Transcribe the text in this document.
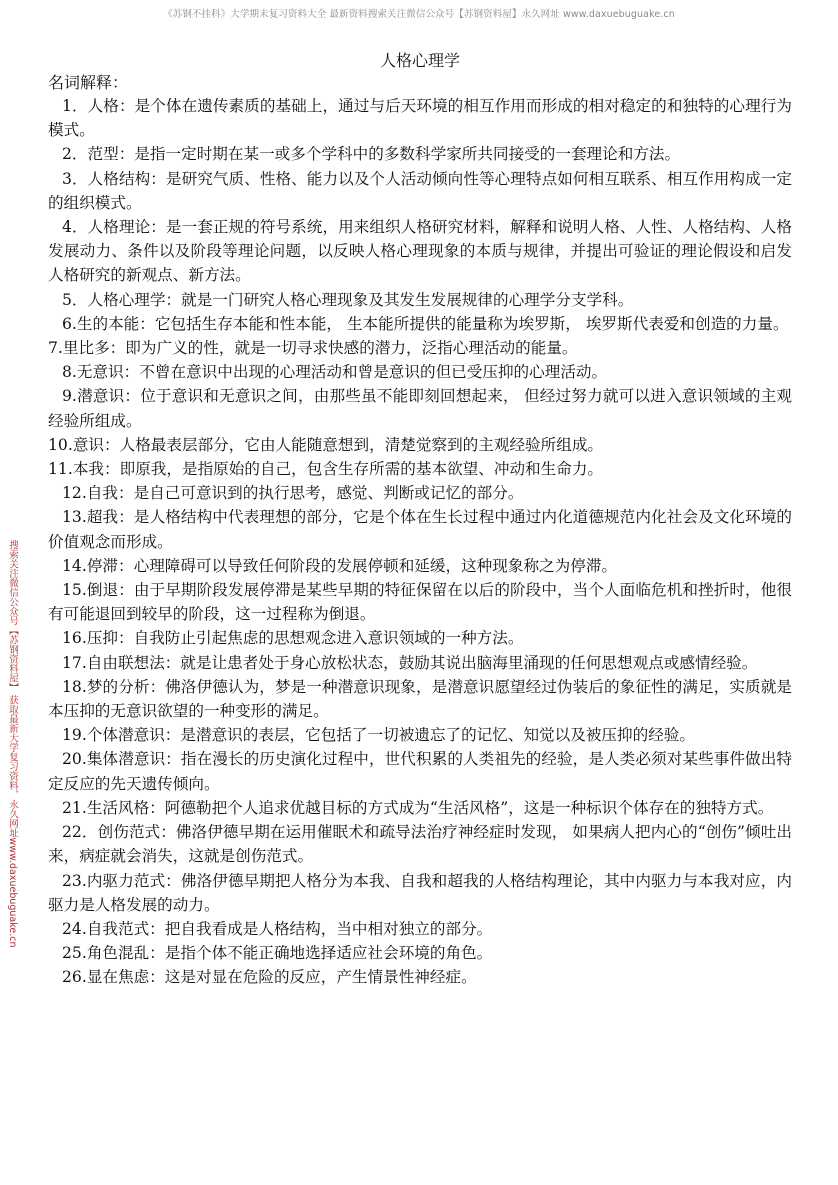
《苏钢不挂科》大学期末复习资料大全 最新资料搜索关注微信公众号【苏钢资料屋】永久网址 www.daxuebuguake.cn
搜索关注微信公众号【苏钢资料屋】 获取最新大学复习资料，永久网址www.daxuebuguake.cn
人格心理学

名词解释：

1．人格：是个体在遗传素质的基础上，通过与后天环境的相互作用而形成的相对稳定的和独特的心理行为模式。

2．范型：是指一定时期在某一或多个学科中的多数科学家所共同接受的一套理论和方法。

3．人格结构：是研究气质、性格、能力以及个人活动倾向性等心理特点如何相互联系、相互作用构成一定的组织模式。

4．人格理论：是一套正规的符号系统，用来组织人格研究材料，解释和说明人格、人性、人格结构、人格发展动力、条件以及阶段等理论问题，以反映人格心理现象的本质与规律，并提出可验证的理论假设和启发人格研究的新观点、新方法。

5．人格心理学：就是一门研究人格心理现象及其发生发展规律的心理学分支学科。

6.生的本能：它包括生存本能和性本能， 生本能所提供的能量称为埃罗斯， 埃罗斯代表爱和创造的力量。

7.里比多：即为广义的性，就是一切寻求快感的潜力，泛指心理活动的能量。

8.无意识：不曾在意识中出现的心理活动和曾是意识的但已受压抑的心理活动。

9.潜意识：位于意识和无意识之间，由那些虽不能即刻回想起来， 但经过努力就可以进入意识领域的主观经验所组成。

10.意识：人格最表层部分，它由人能随意想到，清楚觉察到的主观经验所组成。

11.本我：即原我，是指原始的自己，包含生存所需的基本欲望、冲动和生命力。

12.自我：是自己可意识到的执行思考，感觉、判断或记忆的部分。

13.超我：是人格结构中代表理想的部分，它是个体在生长过程中通过内化道德规范内化社会及文化环境的价值观念而形成。

14.停滞：心理障碍可以导致任何阶段的发展停顿和延缓，这种现象称之为停滞。

15.倒退：由于早期阶段发展停滞是某些早期的特征保留在以后的阶段中，当个人面临危机和挫折时，他很有可能退回到较早的阶段，这一过程称为倒退。

16.压抑：自我防止引起焦虑的思想观念进入意识领域的一种方法。

17.自由联想法：就是让患者处于身心放松状态，鼓励其说出脑海里涌现的任何思想观点或感情经验。

18.梦的分析：佛洛伊德认为，梦是一种潜意识现象，是潜意识愿望经过伪装后的象征性的满足，实质就是本压抑的无意识欲望的一种变形的满足。

19.个体潜意识：是潜意识的表层，它包括了一切被遗忘了的记忆、知觉以及被压抑的经验。

20.集体潜意识：指在漫长的历史演化过程中，世代积累的人类祖先的经验，是人类必须对某些事件做出特定反应的先天遗传倾向。

21.生活风格：阿德勒把个人追求优越目标的方式成为“生活风格”，这是一种标识个体存在的独特方式。

22．创伤范式：佛洛伊德早期在运用催眠术和疏导法治疗神经症时发现， 如果病人把内心的“创伤”倾吐出来，病症就会消失，这就是创伤范式。

23.内驱力范式：佛洛伊德早期把人格分为本我、自我和超我的人格结构理论，其中内驱力与本我对应，内驱力是人格发展的动力。

24.自我范式：把自我看成是人格结构，当中相对独立的部分。

25.角色混乱：是指个体不能正确地选择适应社会环境的角色。

26.显在焦虑：这是对显在危险的反应，产生情景性神经症。
